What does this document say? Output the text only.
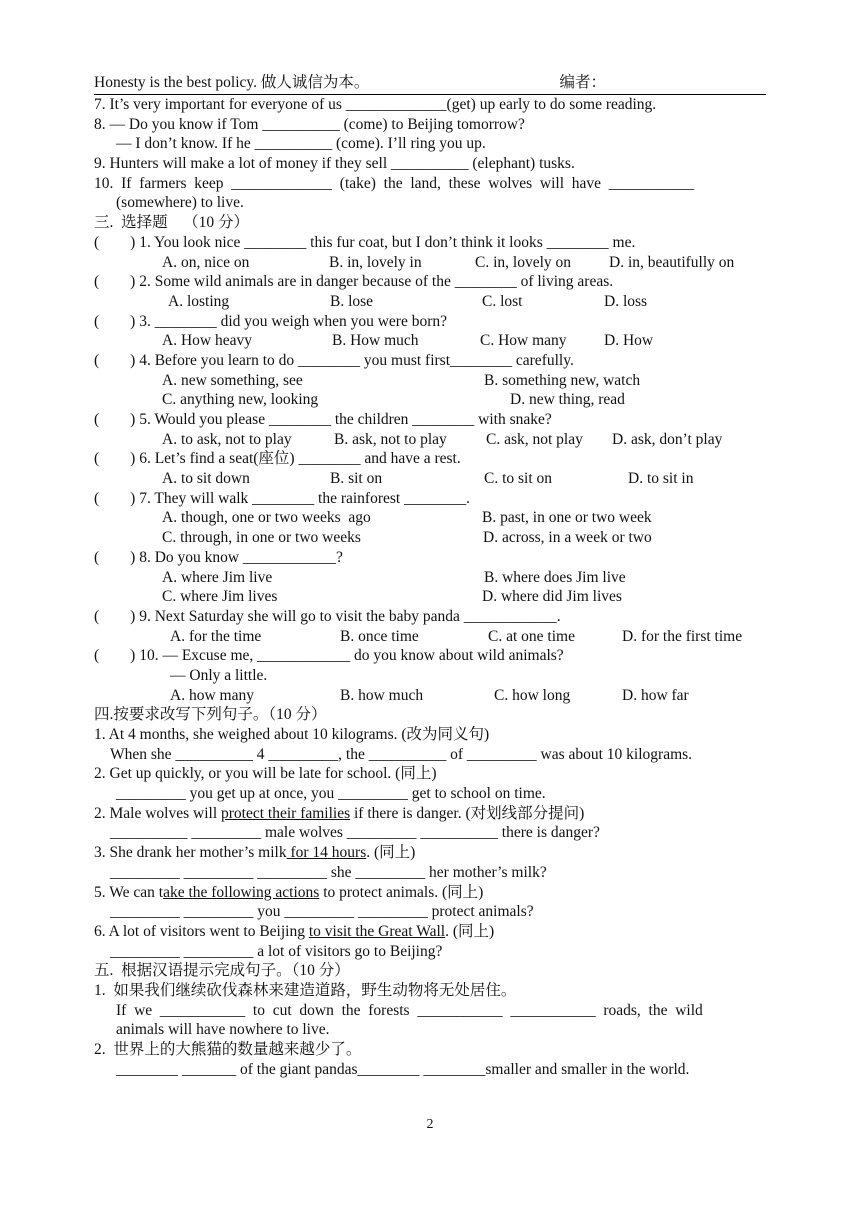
Honesty is the best policy. 做人诚信为本。	编者：
7. It’s very important for everyone of us _____________(get) up early to do some reading.
8. — Do you know if Tom __________ (come) to Beijing tomorrow?
— I don’t know. If he __________ (come). I’ll ring you up.
9. Hunters will make a lot of money if they sell __________ (elephant) tusks.
10.  If  farmers  keep  _____________  (take)  the  land,  these  wolves  will  have  ___________
(somewhere) to live.
三.  选择题    （10 分）
(        ) 1. You look nice ________ this fur coat, but I don’t think it looks ________ me.
A. on, nice on	B. in, lovely in	C. in, lovely on	D. in, beautifully on
(        ) 2. Some wild animals are in danger because of the ________ of living areas.
A. losting	B. lose	C. lost	D. loss
(        ) 3. ________ did you weigh when you were born?
A. How heavy	B. How much	C. How many	D. How
(        ) 4. Before you learn to do ________ you must first________ carefully.
A. new something, see	B. something new, watch
C. anything new, looking	D. new thing, read
(        ) 5. Would you please ________ the children ________ with snake?
A. to ask, not to play	B. ask, not to play	C. ask, not play	D. ask, don’t play
(        ) 6. Let’s find a seat(座位) ________ and have a rest.
A. to sit down	B. sit on	C. to sit on	D. to sit in
(        ) 7. They will walk ________ the rainforest ________.
A. though, one or two weeks  ago	B. past, in one or two week
C. through, in one or two weeks	D. across, in a week or two
(        ) 8. Do you know ____________?
A. where Jim live	B. where does Jim live
C. where Jim lives	D. where did Jim lives
(        ) 9. Next Saturday she will go to visit the baby panda ____________.
A. for the time	B. once time	C. at one time	D. for the first time
(        ) 10. — Excuse me, ____________ do you know about wild animals?
— Only a little.
A. how many	B. how much	C. how long	D. how far
四.按要求改写下列句子。（10 分）
1. At 4 months, she weighed about 10 kilograms. (改为同义句)
When she __________ 4 _________, the __________ of _________ was about 10 kilograms.
2. Get up quickly, or you will be late for school. (同上)
_________ you get up at once, you _________ get to school on time.
2. Male wolves will protect their families if there is danger. (对划线部分提问)
__________ _________ male wolves _________ __________ there is danger?
3. She drank her mother’s milk for 14 hours. (同上)
_________ _________ _________ she _________ her mother’s milk?
5. We can take the following actions to protect animals. (同上)
_________ _________ you _________ _________ protect animals?
6. A lot of visitors went to Beijing to visit the Great Wall. (同上)
_________ _________ a lot of visitors go to Beijing?
五.  根据汉语提示完成句子。（10 分）
1.  如果我们继续砍伐森林来建造道路，野生动物将无处居住。
If  we  ___________  to  cut  down  the  forests  ___________  ___________  roads,  the  wild
animals will have nowhere to live.
2.  世界上的大熊猫的数量越来越少了。
________ _______ of the giant pandas________ ________smaller and smaller in the world.
2
